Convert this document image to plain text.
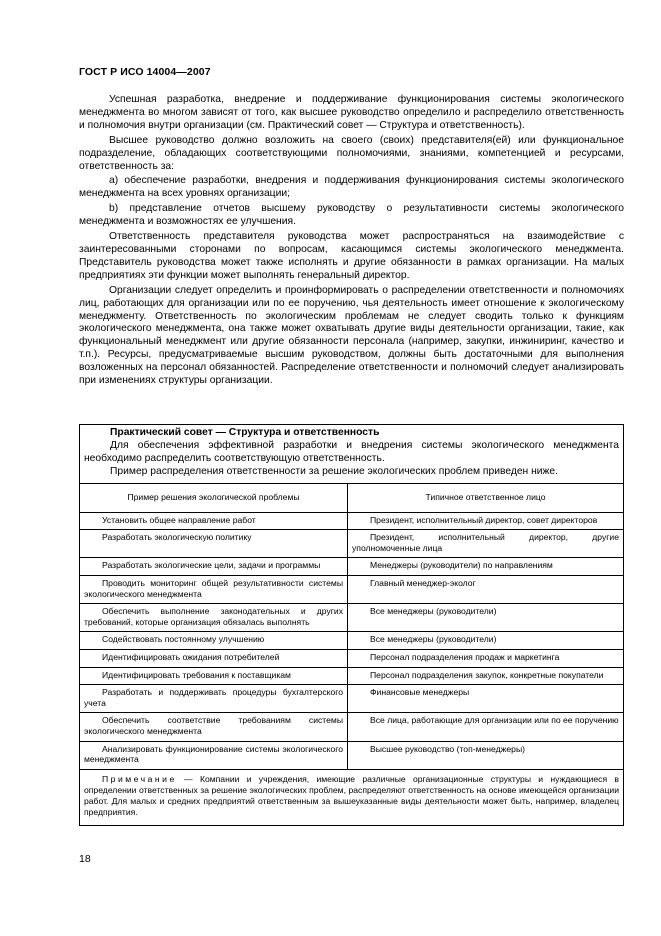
ГОСТ Р ИСО 14004—2007

Успешная разработка, внедрение и поддерживание функционирования системы экологического менеджмента во многом зависят от того, как высшее руководство определило и распределило ответственность и полномочия внутри организации (см. Практический совет — Структура и ответственность).

Высшее руководство должно возложить на своего (своих) представителя(ей) или функциональное подразделение, обладающих соответствующими полномочиями, знаниями, компетенцией и ресурсами, ответственность за:

а) обеспечение разработки, внедрения и поддерживания функционирования системы экологического менеджмента на всех уровнях организации;

b) представление отчетов высшему руководству о результативности системы экологического менеджмента и возможностях ее улучшения.

Ответственность представителя руководства может распространяться на взаимодействие с заинтересованными сторонами по вопросам, касающимся системы экологического менеджмента. Представитель руководства может также исполнять и другие обязанности в рамках организации. На малых предприятиях эти функции может выполнять генеральный директор.

Организации следует определить и проинформировать о распределении ответственности и полномочиях лиц, работающих для организации или по ее поручению, чья деятельность имеет отношение к экологическому менеджменту. Ответственность по экологическим проблемам не следует сводить только к функциям экологического менеджмента, она также может охватывать другие виды деятельности организации, такие, как функциональный менеджмент или другие обязанности персонала (например, закупки, инжиниринг, качество и т.п.). Ресурсы, предусматриваемые высшим руководством, должны быть достаточными для выполнения возложенных на персонал обязанностей. Распределение ответственности и полномочий следует анализировать при изменениях структуры организации.

Практический совет — Структура и ответственность

Для обеспечения эффективной разработки и внедрения системы экологического менеджмента необходимо распределить соответствующую ответственность.

Пример распределения ответственности за решение экологических проблем приведен ниже.

Пример решения экологической проблемы	Типичное ответственное лицо

Установить общее направление работ	Президент, исполнительный директор, совет директоров

Разработать экологическую политику	Президент, исполнительный директор, другие уполномоченные лица

Разработать экологические цели, задачи и программы	Менеджеры (руководители) по направлениям

Проводить мониторинг общей результативности системы экологического менеджмента	Главный менеджер-эколог

Обеспечить выполнение законодательных и других требований, которые организация обязалась выполнять	Все менеджеры (руководители)

Содействовать постоянному улучшению	Все менеджеры (руководители)

Идентифицировать ожидания потребителей	Персонал подразделения продаж и маркетинга

Идентифицировать требования к поставщикам	Персонал подразделения закупок, конкретные покупатели

Разработать и поддерживать процедуры бухгалтерского учета	Финансовые менеджеры

Обеспечить соответствие требованиям системы экологического менеджмента	Все лица, работающие для организации или по ее поручению

Анализировать функционирование системы экологического менеджмента	Высшее руководство (топ-менеджеры)
Примечание — Компании и учреждения, имеющие различные организационные структуры и нуждающиеся в определении ответственных за решение экологических проблем, распределяют ответственность на основе имеющейся организации работ. Для малых и средних предприятий ответственным за вышеуказанные виды деятельности может быть, например, владелец предприятия.
18
